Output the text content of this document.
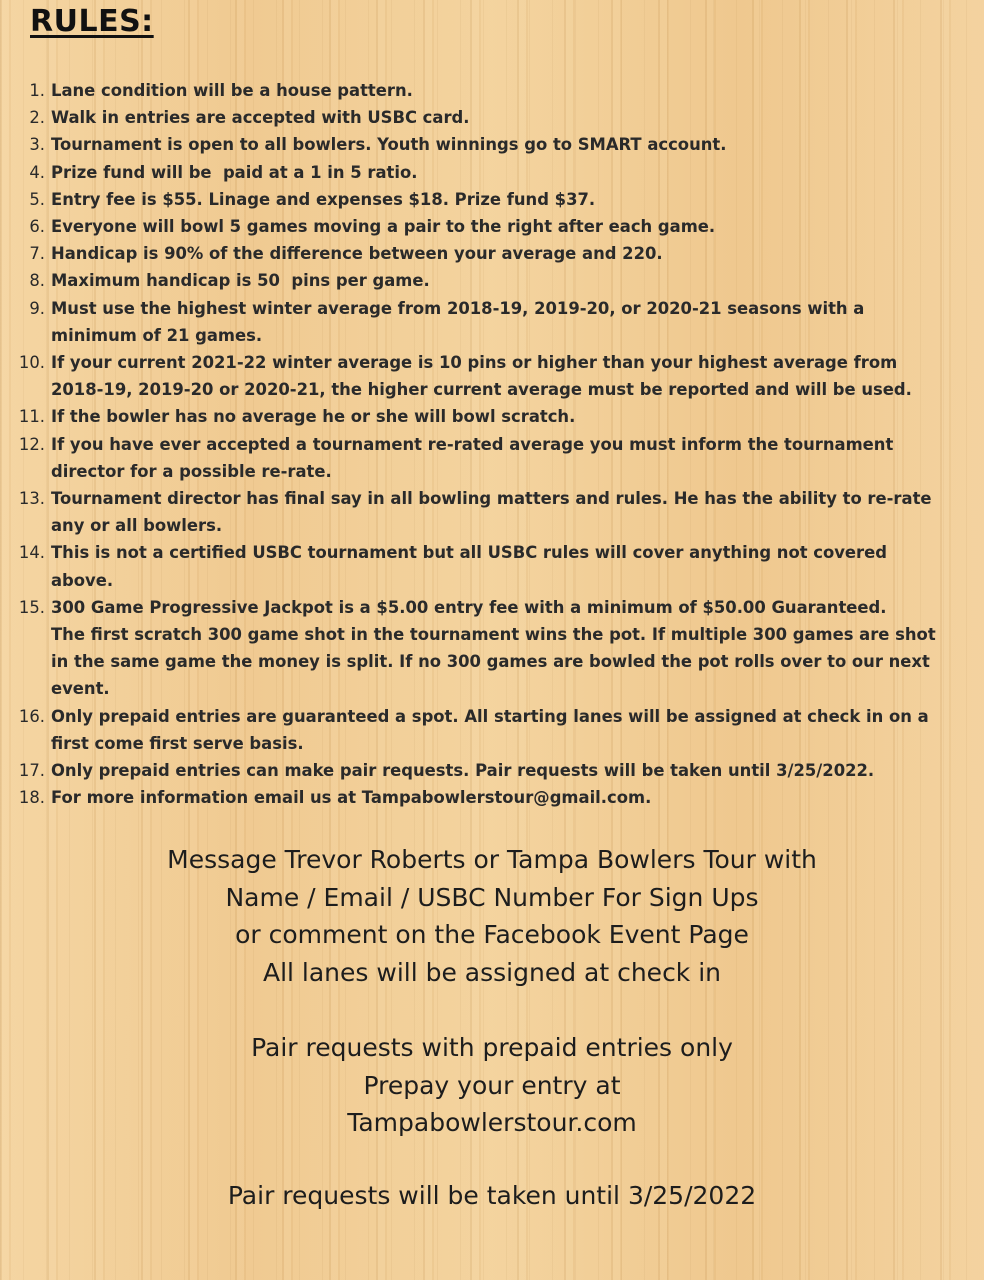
RULES:
1. Lane condition will be a house pattern.
2. Walk in entries are accepted with USBC card.
3. Tournament is open to all bowlers. Youth winnings go to SMART account.
4. Prize fund will be  paid at a 1 in 5 ratio.
5. Entry fee is $55. Linage and expenses $18. Prize fund $37.
6. Everyone will bowl 5 games moving a pair to the right after each game.
7. Handicap is 90% of the difference between your average and 220.
8. Maximum handicap is 50  pins per game.
9. Must use the highest winter average from 2018-19, 2019-20, or 2020-21 seasons with a
minimum of 21 games.
10. If your current 2021-22 winter average is 10 pins or higher than your highest average from
2018-19, 2019-20 or 2020-21, the higher current average must be reported and will be used.
11. If the bowler has no average he or she will bowl scratch.
12. If you have ever accepted a tournament re-rated average you must inform the tournament
director for a possible re-rate.
13. Tournament director has final say in all bowling matters and rules. He has the ability to re-rate
any or all bowlers.
14. This is not a certified USBC tournament but all USBC rules will cover anything not covered
above.
15. 300 Game Progressive Jackpot is a $5.00 entry fee with a minimum of $50.00 Guaranteed.
The first scratch 300 game shot in the tournament wins the pot. If multiple 300 games are shot
in the same game the money is split. If no 300 games are bowled the pot rolls over to our next
event.
16. Only prepaid entries are guaranteed a spot. All starting lanes will be assigned at check in on a
first come first serve basis.
17. Only prepaid entries can make pair requests. Pair requests will be taken until 3/25/2022.
18. For more information email us at Tampabowlerstour@gmail.com.

Message Trevor Roberts or Tampa Bowlers Tour with

Name / Email / USBC Number For Sign Ups

or comment on the Facebook Event Page

All lanes will be assigned at check in

Pair requests with prepaid entries only

Prepay your entry at

Tampabowlerstour.com

Pair requests will be taken until 3/25/2022
